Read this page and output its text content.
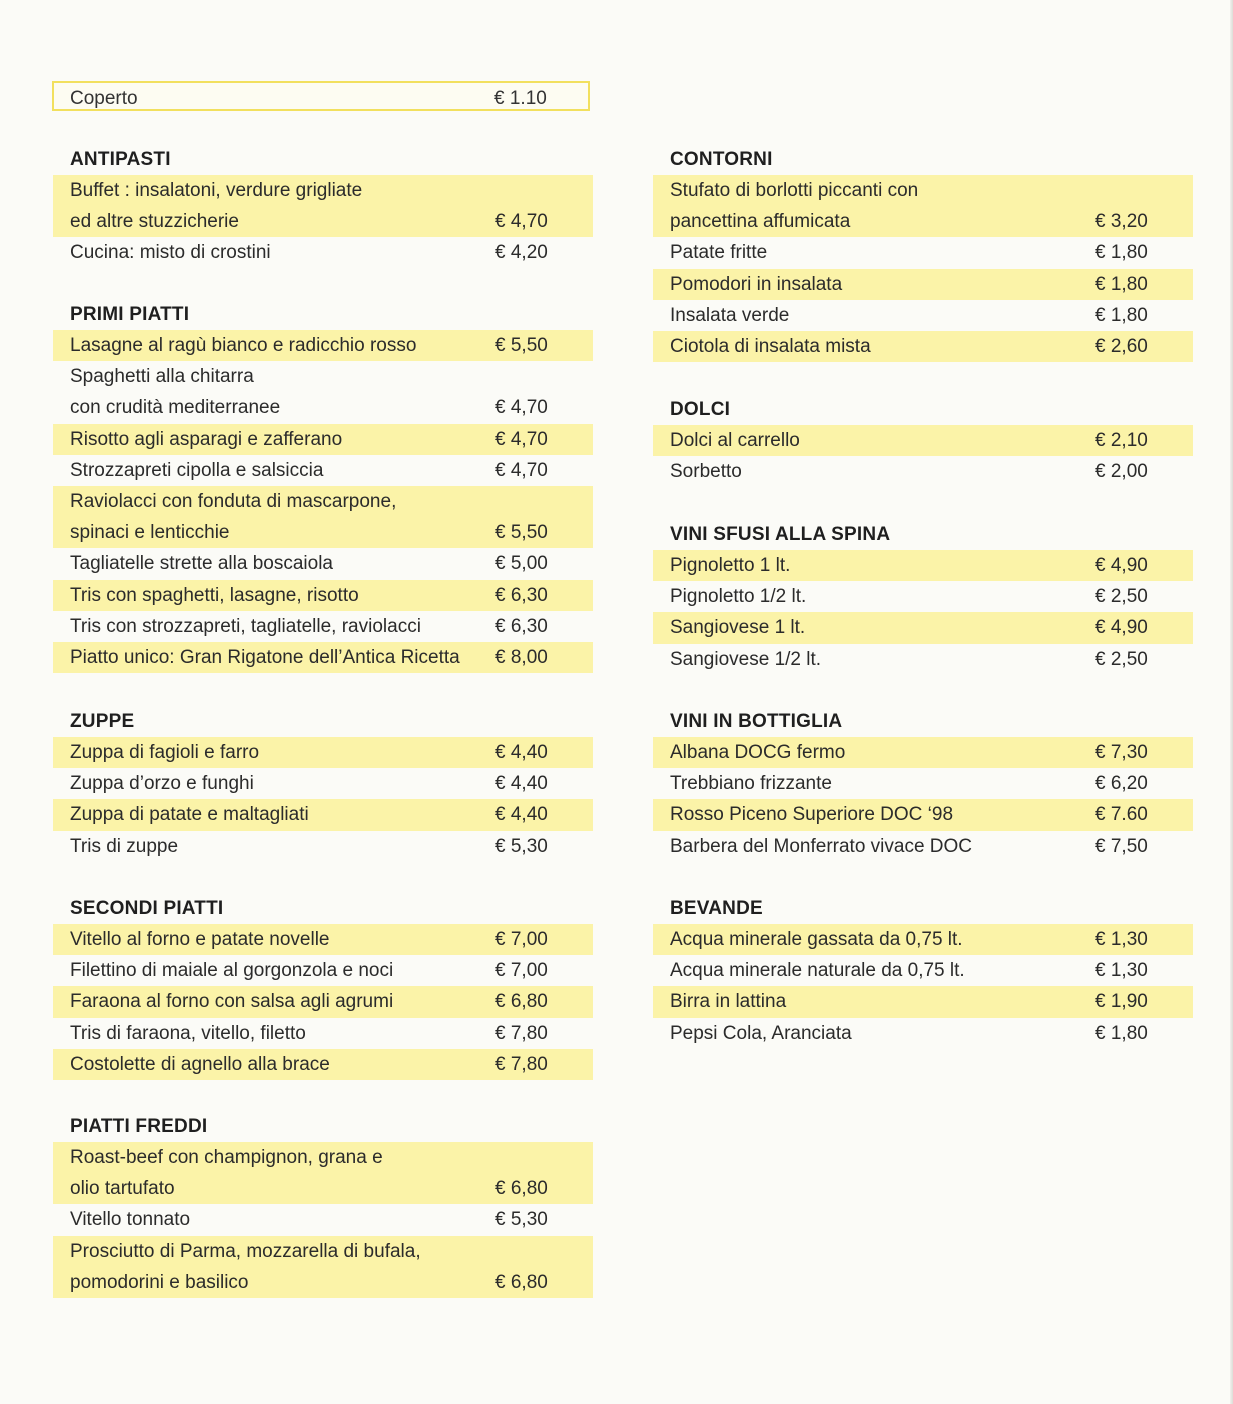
Coperto	€ 1.10
ANTIPASTI
Buffet : insalatoni, verdure grigliate
ed altre stuzzicherie	€ 4,70
Cucina: misto di crostini	€ 4,20
PRIMI PIATTI
Lasagne al ragù bianco e radicchio rosso	€ 5,50
Spaghetti alla chitarra
con crudità mediterranee	€ 4,70
Risotto agli asparagi e zafferano	€ 4,70
Strozzapreti cipolla e salsiccia	€ 4,70
Raviolacci con fonduta di mascarpone,
spinaci e lenticchie	€ 5,50
Tagliatelle strette alla boscaiola	€ 5,00
Tris con spaghetti, lasagne, risotto	€ 6,30
Tris con strozzapreti, tagliatelle, raviolacci	€ 6,30
Piatto unico: Gran Rigatone dell’Antica Ricetta € 8,00
ZUPPE
Zuppa di fagioli e farro	€ 4,40
Zuppa d’orzo e funghi	€ 4,40
Zuppa di patate e maltagliati	€ 4,40
Tris di zuppe	€ 5,30
SECONDI PIATTI
Vitello al forno e patate novelle	€ 7,00
Filettino di maiale al gorgonzola e noci	€ 7,00
Faraona al forno con salsa agli agrumi	€ 6,80
Tris di faraona, vitello, filetto	€ 7,80
Costolette di agnello alla brace	€ 7,80
PIATTI FREDDI
Roast-beef con champignon, grana e
olio tartufato	€ 6,80
Vitello tonnato	€ 5,30
Prosciutto di Parma, mozzarella di bufala,
pomodorini e basilico	€ 6,80
CONTORNI
Stufato di borlotti piccanti con
pancettina affumicata	€ 3,20
Patate fritte	€ 1,80
Pomodori in insalata	€ 1,80
Insalata verde	€ 1,80
Ciotola di insalata mista	€ 2,60
DOLCI
Dolci al carrello	€ 2,10
Sorbetto	€ 2,00
VINI SFUSI ALLA SPINA
Pignoletto 1 lt.	€ 4,90
Pignoletto 1/2 lt.	€ 2,50
Sangiovese 1 lt.	€ 4,90
Sangiovese 1/2 lt.	€ 2,50
VINI IN BOTTIGLIA
Albana DOCG fermo	€ 7,30
Trebbiano frizzante	€ 6,20
Rosso Piceno Superiore DOC ‘98	€ 7.60
Barbera del Monferrato vivace DOC	€ 7,50
BEVANDE
Acqua minerale gassata da 0,75 lt.	€ 1,30
Acqua minerale naturale da 0,75 lt.	€ 1,30
Birra in lattina	€ 1,90
Pepsi Cola, Aranciata	€ 1,80
